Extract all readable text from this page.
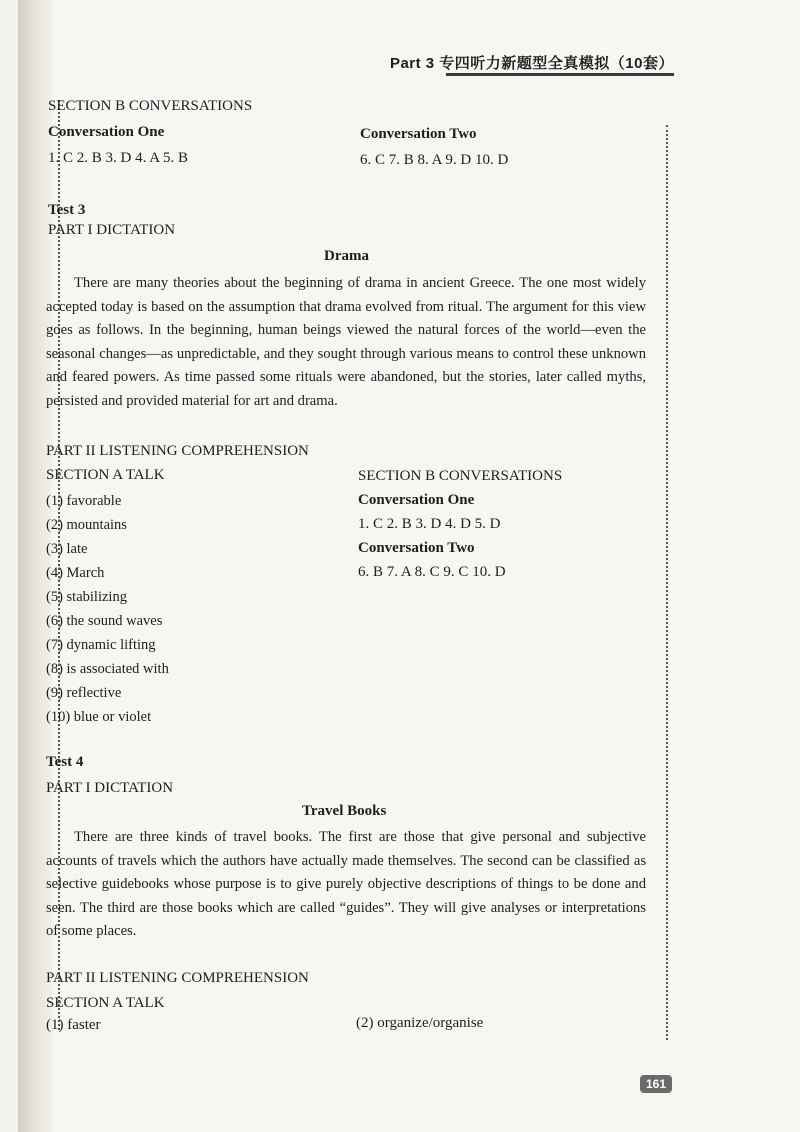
Part 3 专四听力新题型全真模拟（10套）
SECTION B CONVERSATIONS
Conversation One
1. C 2. B 3. D 4. A 5. B
Conversation Two
6. C 7. B 8. A 9. D 10. D
Test 3
PART I DICTATION
Drama

There are many theories about the beginning of drama in ancient Greece. The one most widely accepted today is based on the assumption that drama evolved from ritual. The argument for this view goes as follows. In the beginning, human beings viewed the natural forces of the world—even the seasonal changes—as unpredictable, and they sought through various means to control these unknown and feared powers. As time passed some rituals were abandoned, but the stories, later called myths, persisted and provided material for art and drama.

PART II LISTENING COMPREHENSION
SECTION A TALK
(1) favorable
(2) mountains
(3) late
(4) March
(5) stabilizing
(6) the sound waves
(7) dynamic lifting
(8) is associated with
(9) reflective
(10) blue or violet
SECTION B CONVERSATIONS
Conversation One
1. C 2. B 3. D 4. D 5. D
Conversation Two
6. B 7. A 8. C 9. C 10. D
Test 4
PART I DICTATION
Travel Books

There are three kinds of travel books. The first are those that give personal and subjective accounts of travels which the authors have actually made themselves. The second can be classified as selective guidebooks whose purpose is to give purely objective descriptions of things to be done and seen. The third are those books which are called “guides”. They will give analyses or interpretations of some places.

PART II LISTENING COMPREHENSION
SECTION A TALK
(1) faster	(2) organize/organise
161
